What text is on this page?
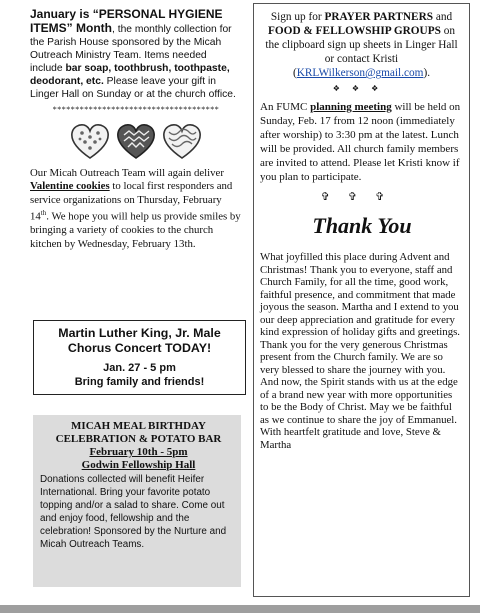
January is “PERSONAL HYGIENE ITEMS” Month, the monthly collection for the Parish House sponsored by the Micah Outreach Ministry Team. Items needed include bar soap, toothbrush, toothpaste, deodorant, etc. Please leave your gift in Linger Hall on Sunday or at the church office.

*************************************

Our Micah Outreach Team will again deliver Valentine cookies to local first responders and service organizations on Thursday, February 14th. We hope you will help us provide smiles by bringing a variety of cookies to the church kitchen by Wednesday, February 13th.

Martin Luther King, Jr. Male Chorus Concert TODAY!
Jan. 27 - 5 pm
Bring family and friends!
MICAH MEAL BIRTHDAY CELEBRATION & POTATO BAR
February 10th - 5pm
Godwin Fellowship Hall
Donations collected will benefit Heifer International. Bring your favorite potato topping and/or a salad to share. Come out and enjoy food, fellowship and the celebration! Sponsored by the Nurture and Micah Outreach Teams.
Sign up for PRAYER PARTNERS and FOOD & FELLOWSHIP GROUPS on the clipboard sign up sheets in Linger Hall or contact Kristi (KRLWilkerson@gmail.com).
❖❖❖

An FUMC planning meeting will be held on Sunday, Feb. 17 from 12 noon (immediately after worship) to 3:30 pm at the latest. Lunch will be provided. All church family members are invited to attend. Please let Kristi know if you plan to participate.

✞✞✞
Thank You

What joyfilled this place during Advent and Christmas! Thank you to everyone, staff and Church Family, for all the time, good work, faithful presence, and commitment that made joyous the season. Martha and I extend to you our deep appreciation and gratitude for every kind expression of holiday gifts and greetings. Thank you for the very generous Christmas present from the Church family. We are so very blessed to share the journey with you. And now, the Spirit stands with us at the edge of a brand new year with more opportunities to be the Body of Christ. May we be faithful as we continue to share the joy of Emmanuel. With heartfelt gratitude and love, Steve & Martha
